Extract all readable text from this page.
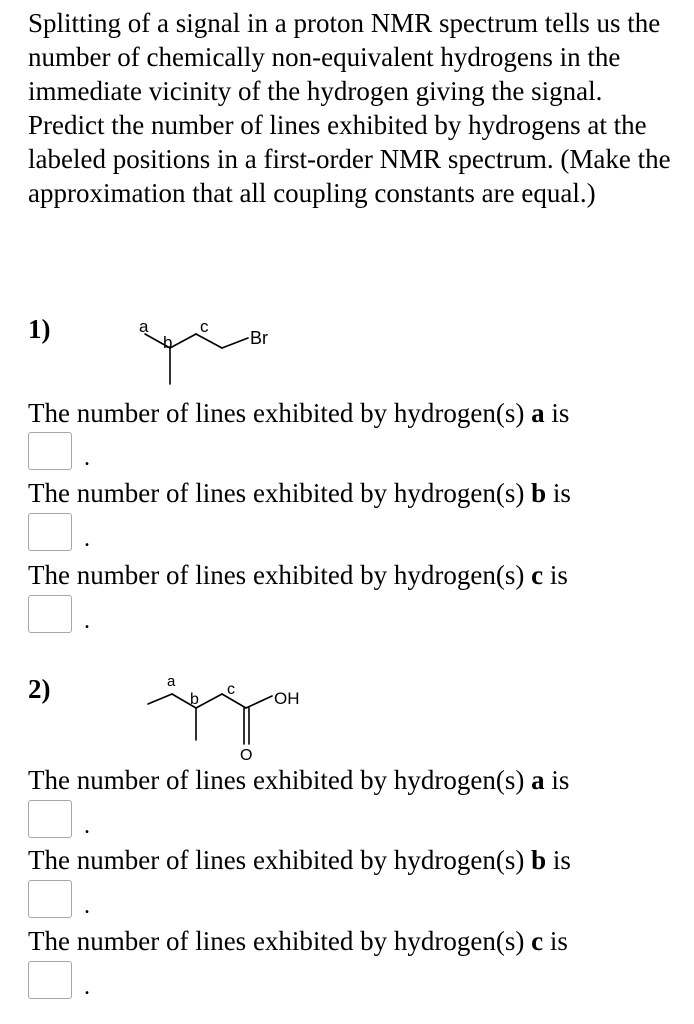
Splitting of a signal in a proton NMR spectrum tells us the number of chemically non-equivalent hydrogens in the immediate vicinity of the hydrogen giving the signal. Predict the number of lines exhibited by hydrogens at the labeled positions in a first-order NMR spectrum. (Make the approximation that all coupling constants are equal.)
1)	a
b
c
Br
The number of lines exhibited by hydrogen(s) a is
.
The number of lines exhibited by hydrogen(s) b is
.
The number of lines exhibited by hydrogen(s) c is
.
2)	a
b
c OH
O
The number of lines exhibited by hydrogen(s) a is
.
The number of lines exhibited by hydrogen(s) b is
.
The number of lines exhibited by hydrogen(s) c is
.
